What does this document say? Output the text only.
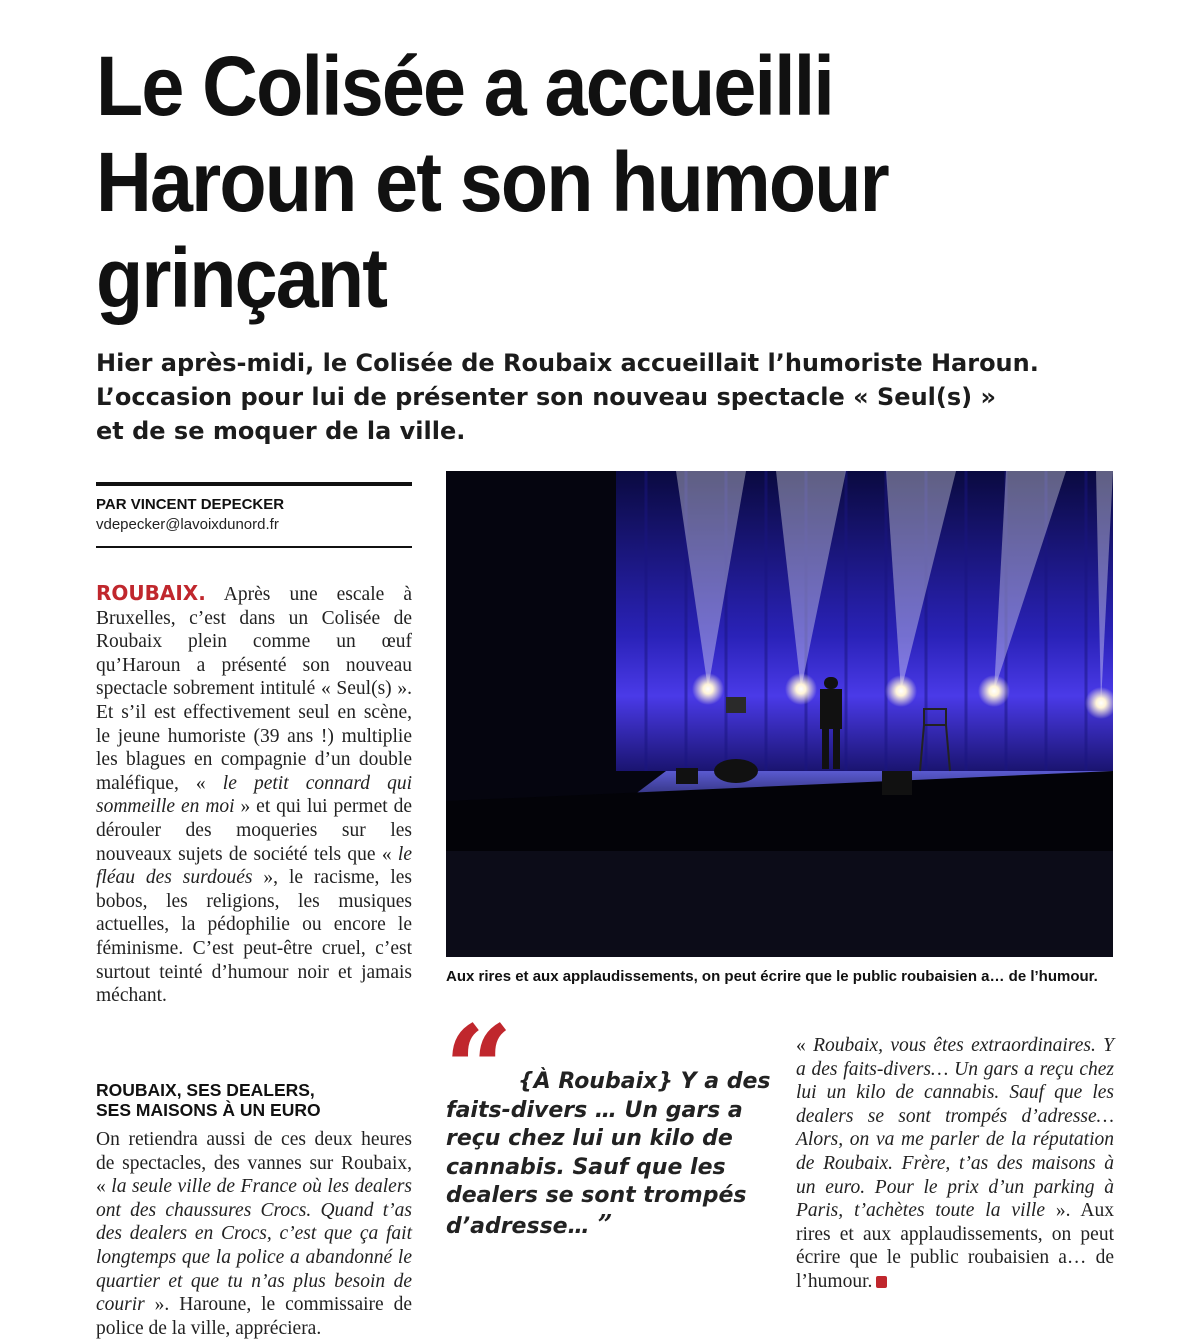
Le Colisée a accueilli
Haroun et son humour
grinçant
Hier après-midi, le Colisée de Roubaix accueillait l’humoriste Haroun.
L’occasion pour lui de présenter son nouveau spectacle « Seul(s) »
et de se moquer de la ville.
PAR VINCENT DEPECKER
vdepecker@lavoixdunord.fr
ROUBAIX. Après une escale à Bruxelles, c’est dans un Colisée de Roubaix plein comme un œuf qu’Haroun a présenté son nouveau spectacle sobrement intitulé « Seul(s) ». Et s’il est effectivement seul en scène, le jeune humoriste (39 ans !) multiplie les blagues en compagnie d’un double maléfique, « le petit connard qui sommeille en moi » et qui lui permet de dérouler des moqueries sur les nouveaux sujets de société tels que « le fléau des surdoués », le racisme, les bobos, les religions, les musiques actuelles, la pédophilie ou encore le féminisme. C’est peut-être cruel, c’est surtout teinté d’humour noir et jamais méchant.
ROUBAIX, SES DEALERS,
SES MAISONS À UN EURO
On retiendra aussi de ces deux heures de spectacles, des vannes sur Roubaix, « la seule ville de France où les dealers ont des chaussures Crocs. Quand t’as des dealers en Crocs, c’est que ça fait longtemps que la police a abandonné le quartier et que tu n’as plus besoin de courir ». Haroune, le commissaire de police de la ville, appréciera.
Aux rires et aux applaudissements, on peut écrire que le public roubaisien a… de l’humour.
“ {À Roubaix} Y a des
faits-divers … Un gars a reçu chez lui un kilo de cannabis. Sauf que les dealers se sont trompés d’adresse… ”
« Roubaix, vous êtes extraordinaires. Y a des faits-divers… Un gars a reçu chez lui un kilo de cannabis. Sauf que les dealers se sont trompés d’adresse… Alors, on va me parler de la réputation de Roubaix. Frère, t’as des maisons à un euro. Pour le prix d’un parking à Paris, t’achètes toute la ville ». Aux rires et aux applaudissements, on peut écrire que le public roubaisien a… de l’humour.
